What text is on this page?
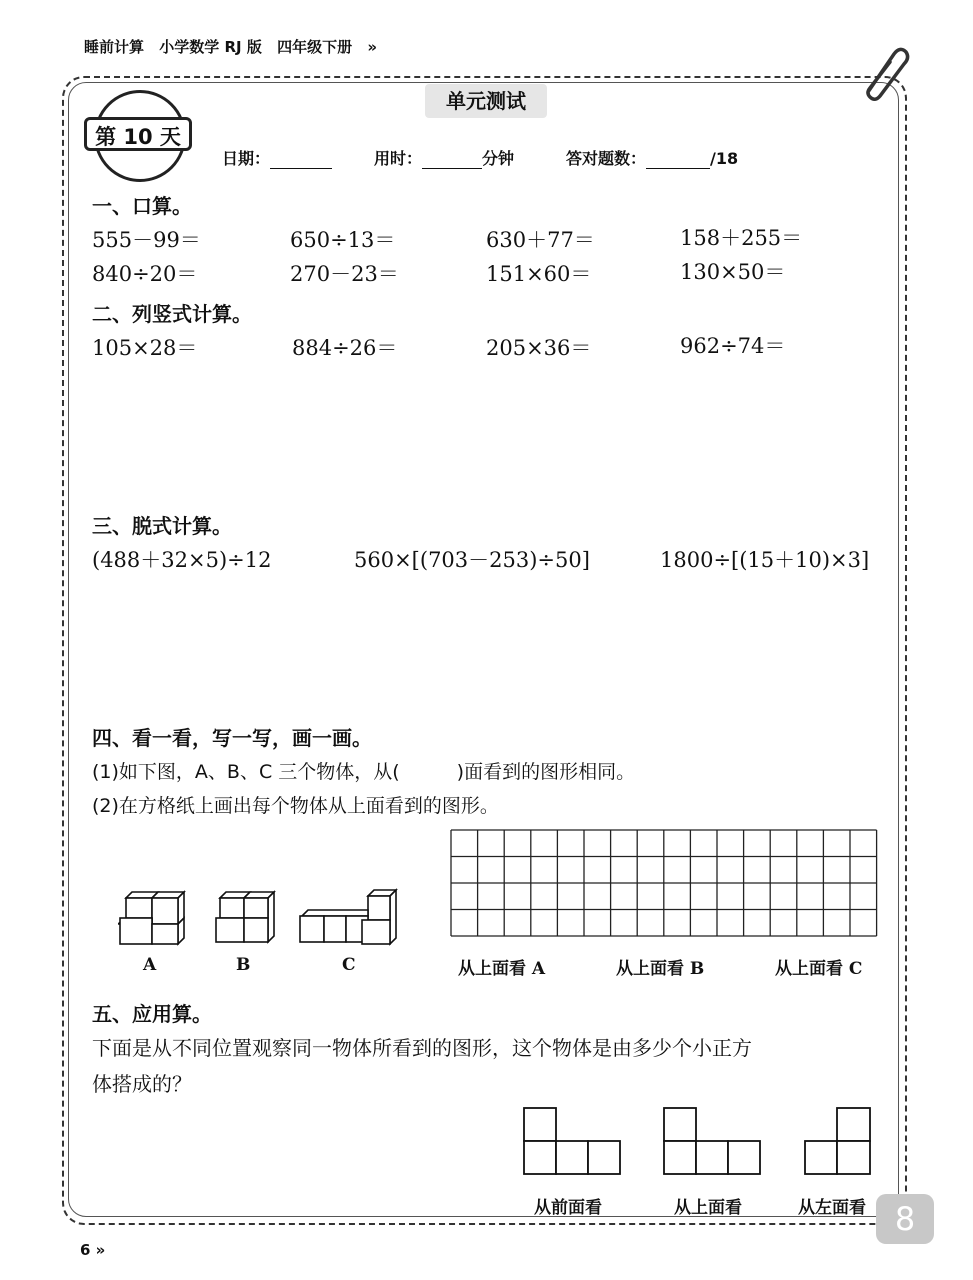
睡前计算 小学数学 RJ 版 四年级下册 »
单元测试
第 10 天
日期：	用时：	分钟	答对题数：	/18
一、口算。
555－99＝	650÷13＝	630＋77＝	158＋255＝
840÷20＝	270－23＝	151×60＝	130×50＝
二、列竖式计算。
105×28＝	884÷26＝	205×36＝	962÷74＝
三、脱式计算。
(488＋32×5)÷12	560×[(703－253)÷50]	1800÷[(15＋10)×3]
四、看一看，写一写，画一画。
(1)如下图，A、B、C 三个物体，从(　　　)面看到的图形相同。
(2)在方格纸上画出每个物体从上面看到的图形。
A	B	C	从上面看 A	从上面看 B	从上面看 C
五、应用算。
下面是从不同位置观察同一物体所看到的图形，这个物体是由多少个小正方
体搭成的？
从前面看	从上面看	从左面看
6 »
8
